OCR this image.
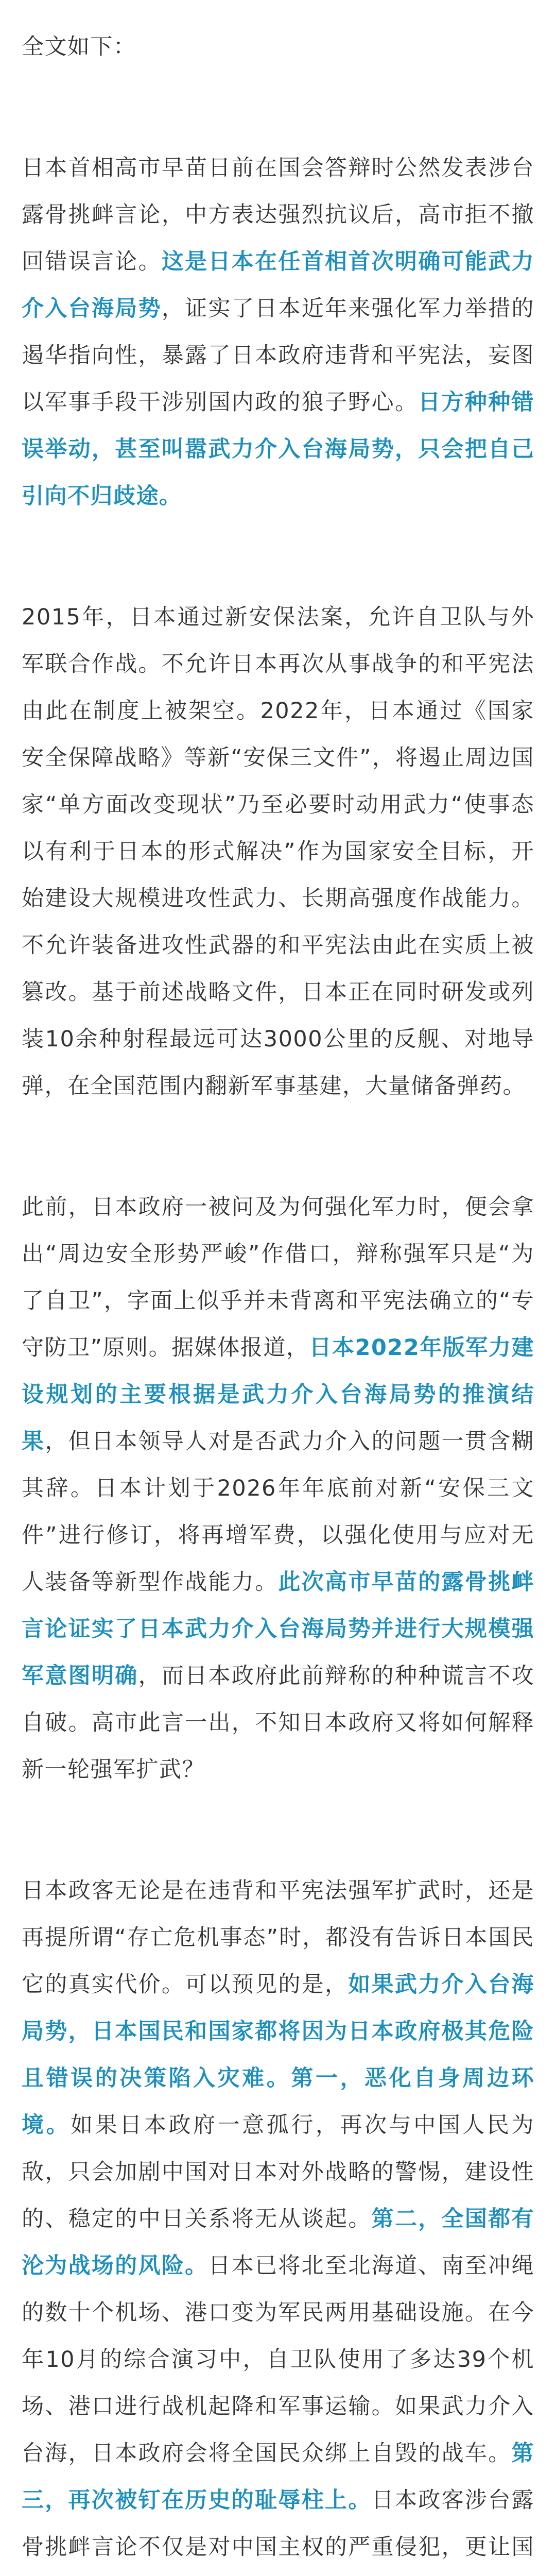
全文如下：

日本首相高市早苗日前在国会答辩时公然发表涉台露骨挑衅言论，中方表达强烈抗议后，高市拒不撤回错误言论。这是日本在任首相首次明确可能武力介入台海局势，证实了日本近年来强化军力举措的遏华指向性，暴露了日本政府违背和平宪法，妄图以军事手段干涉别国内政的狼子野心。日方种种错误举动，甚至叫嚣武力介入台海局势，只会把自己引向不归歧途。

2015年，日本通过新安保法案，允许自卫队与外军联合作战。不允许日本再次从事战争的和平宪法由此在制度上被架空。2022年，日本通过《国家安全保障战略》等新“安保三文件”，将遏止周边国家“单方面改变现状”乃至必要时动用武力“使事态以有利于日本的形式解决”作为国家安全目标，开始建设大规模进攻性武力、长期高强度作战能力。不允许装备进攻性武器的和平宪法由此在实质上被篡改。基于前述战略文件，日本正在同时研发或列装10余种射程最远可达3000公里的反舰、对地导弹，在全国范围内翻新军事基建，大量储备弹药。

此前，日本政府一被问及为何强化军力时，便会拿出“周边安全形势严峻”作借口，辩称强军只是“为了自卫”，字面上似乎并未背离和平宪法确立的“专守防卫”原则。据媒体报道，日本2022年版军力建设规划的主要根据是武力介入台海局势的推演结果，但日本领导人对是否武力介入的问题一贯含糊其辞。日本计划于2026年年底前对新“安保三文件”进行修订，将再增军费，以强化使用与应对无人装备等新型作战能力。此次高市早苗的露骨挑衅言论证实了日本武力介入台海局势并进行大规模强军意图明确，而日本政府此前辩称的种种谎言不攻自破。高市此言一出，不知日本政府又将如何解释新一轮强军扩武？

日本政客无论是在违背和平宪法强军扩武时，还是再提所谓“存亡危机事态”时，都没有告诉日本国民它的真实代价。可以预见的是，如果武力介入台海局势，日本国民和国家都将因为日本政府极其危险且错误的决策陷入灾难。第一，恶化自身周边环境。如果日本政府一意孤行，再次与中国人民为敌，只会加剧中国对日本对外战略的警惕，建设性的、稳定的中日关系将无从谈起。第二，全国都有沦为战场的风险。日本已将北至北海道、南至冲绳的数十个机场、港口变为军民两用基础设施。在今年10月的综合演习中，自卫队使用了多达39个机场、港口进行战机起降和军事运输。如果武力介入台海，日本政府会将全国民众绑上自毁的战车。第三，再次被钉在历史的耻辱柱上。日本政客涉台露骨挑衅言论不仅是对中国主权的严重侵犯，更让国
